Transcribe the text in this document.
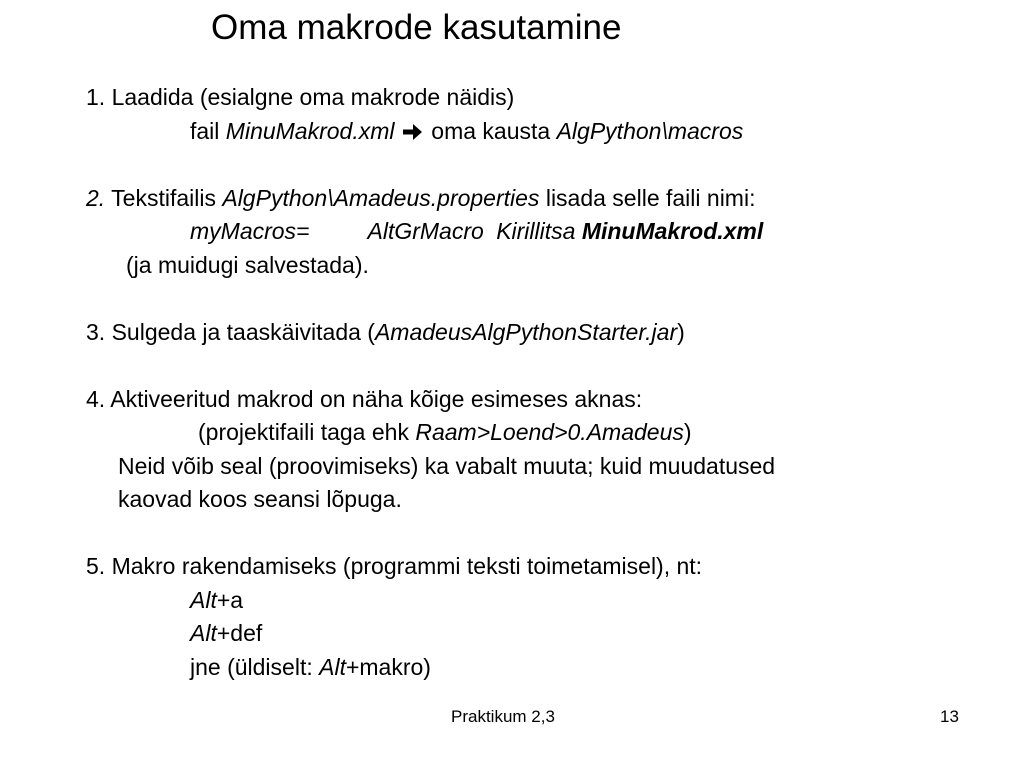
Oma makrode kasutamine
1. Laadida (esialgne oma makrode näidis)
fail MinuMakrod.xml  oma kausta AlgPython\macros
2. Tekstifailis AlgPython\Amadeus.properties lisada selle faili nimi:
myMacros=	AltGrMacro Kirillitsa MinuMakrod.xml
(ja muidugi salvestada).
3. Sulgeda ja taaskäivitada (AmadeusAlgPythonStarter.jar)
4. Aktiveeritud makrod on näha kõige esimeses aknas:
(projektifaili taga ehk Raam>Loend>0.Amadeus)
Neid võib seal (proovimiseks) ka vabalt muuta; kuid muudatused
kaovad koos seansi lõpuga.
5. Makro rakendamiseks (programmi teksti toimetamisel), nt:
Alt+a
Alt+def
jne (üldiselt: Alt+makro)
Praktikum 2,3	13
